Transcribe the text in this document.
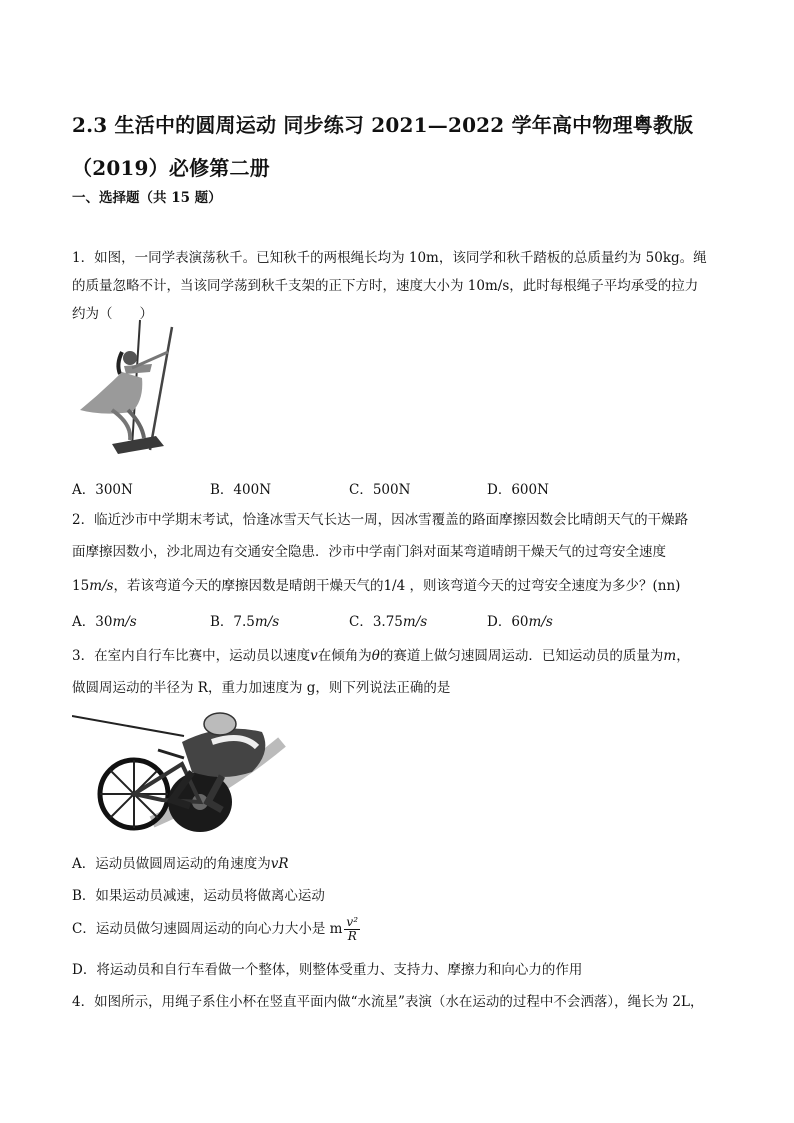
2.3 生活中的圆周运动 同步练习 2021—2022 学年高中物理粤教版
（2019）必修第二册
一、选择题（共 15 题）
1．如图，一同学表演荡秋千。已知秋千的两根绳长均为 10m，该同学和秋千踏板的总质量约为 50kg。绳
的质量忽略不计，当该同学荡到秋千支架的正下方时，速度大小为 10m/s，此时每根绳子平均承受的拉力
约为（　　）
A．300N	B．400N	C．500N	D．600N
2．临近沙市中学期末考试，恰逢冰雪天气长达一周，因冰雪覆盖的路面摩擦因数会比晴朗天气的干燥路
面摩擦因数小，沙北周边有交通安全隐患．沙市中学南门斜对面某弯道晴朗干燥天气的过弯安全速度
15m/s，若该弯道今天的摩擦因数是晴朗干燥天气的1/4 ，则该弯道今天的过弯安全速度为多少？(nn)
A．30m/s	B．7.5m/s	C．3.75m/s	D．60m/s
3．在室内自行车比赛中，运动员以速度v在倾角为θ的赛道上做匀速圆周运动．已知运动员的质量为m，
做圆周运动的半径为 R，重力加速度为 g，则下列说法正确的是
A．运动员做圆周运动的角速度为vR
B．如果运动员减速，运动员将做离心运动
C．运动员做匀速圆周运动的向心力大小是 m $\frac{\text{v²}}{R}$
D．将运动员和自行车看做一个整体，则整体受重力、支持力、摩擦力和向心力的作用
4．如图所示，用绳子系住小杯在竖直平面内做“水流星”表演（水在运动的过程中不会洒落），绳长为 2L，
